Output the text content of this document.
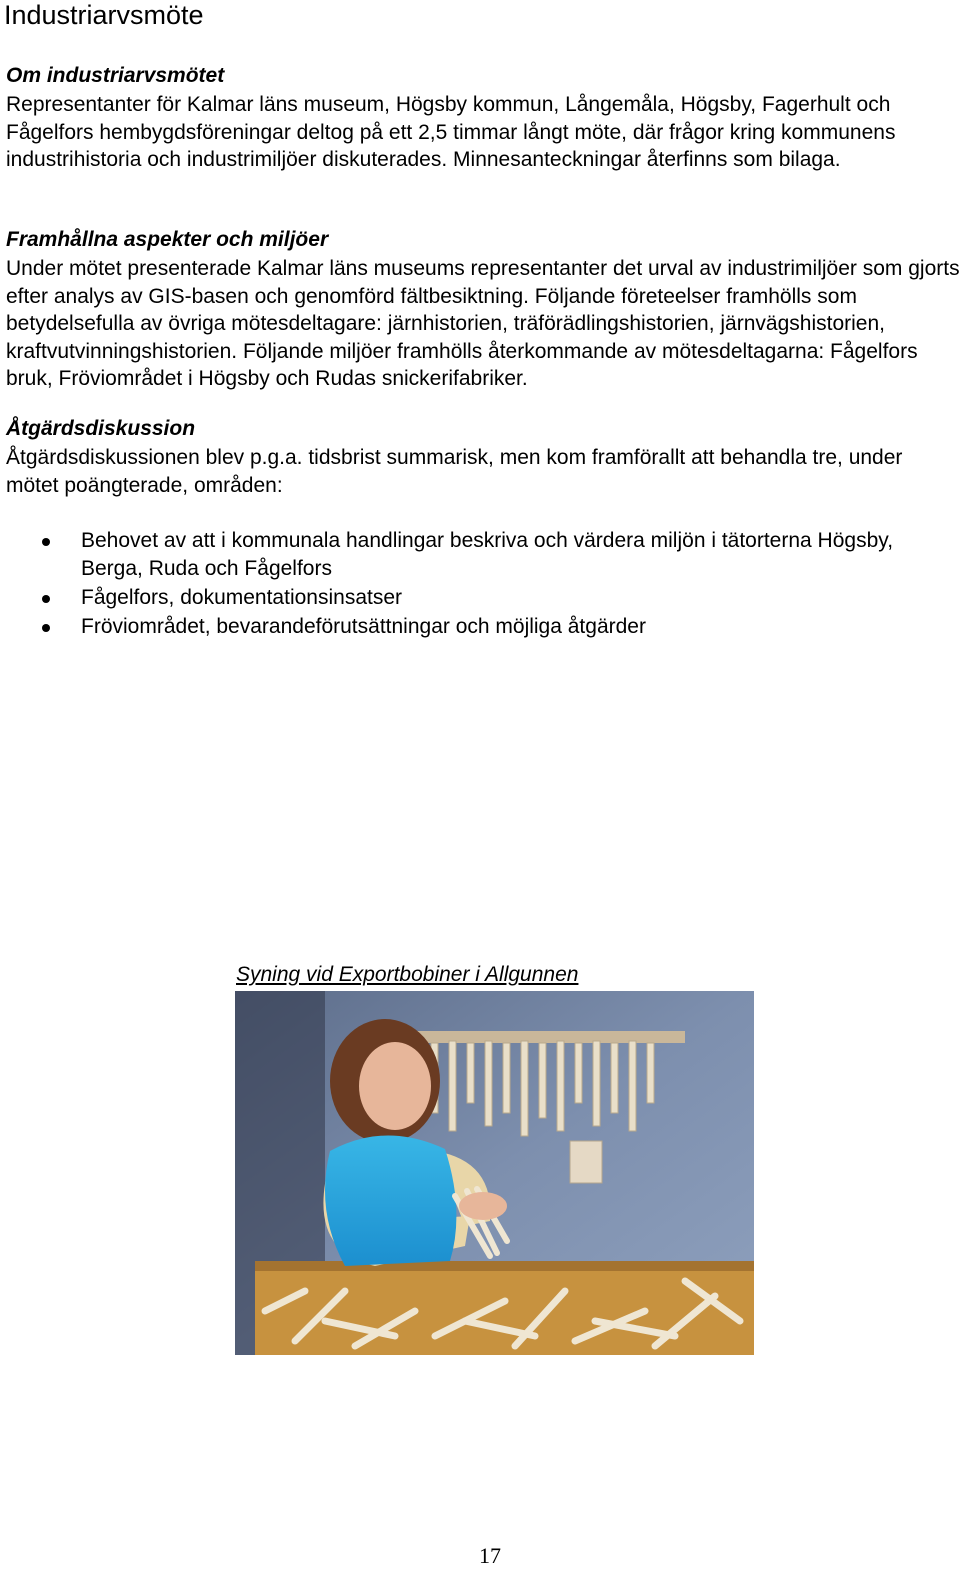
Industriarvsmöte
Om industriarvsmötet

Representanter för Kalmar läns museum, Högsby kommun, Långemåla, Högsby, Fagerhult och Fågelfors hembygdsföreningar deltog på ett 2,5 timmar långt möte, där frågor kring kommunens industrihistoria och industrimiljöer diskuterades. Minnesanteckningar återfinns som bilaga.

Framhållna aspekter och miljöer

Under mötet presenterade Kalmar läns museums representanter det urval av industrimiljöer som gjorts efter analys av GIS-basen och genomförd fältbesiktning. Följande företeelser framhölls som betydelsefulla av övriga mötesdeltagare: järnhistorien, träförädlingshistorien, järnvägshistorien, kraftvutvinningshistorien. Följande miljöer framhölls återkommande av mötesdeltagarna: Fågelfors bruk, Fröviområdet i Högsby och Rudas snickerifabriker.

Åtgärdsdiskussion

Åtgärdsdiskussionen blev p.g.a. tidsbrist summarisk, men kom framförallt att behandla tre, under mötet poängterade, områden:

Behovet av att i kommunala handlingar beskriva och värdera miljön i tätorterna Högsby, Berga, Ruda och Fågelfors
Fågelfors, dokumentationsinsatser
Fröviområdet, bevarandeförutsättningar och möjliga åtgärder
Syning vid Exportbobiner i Allgunnen
17
